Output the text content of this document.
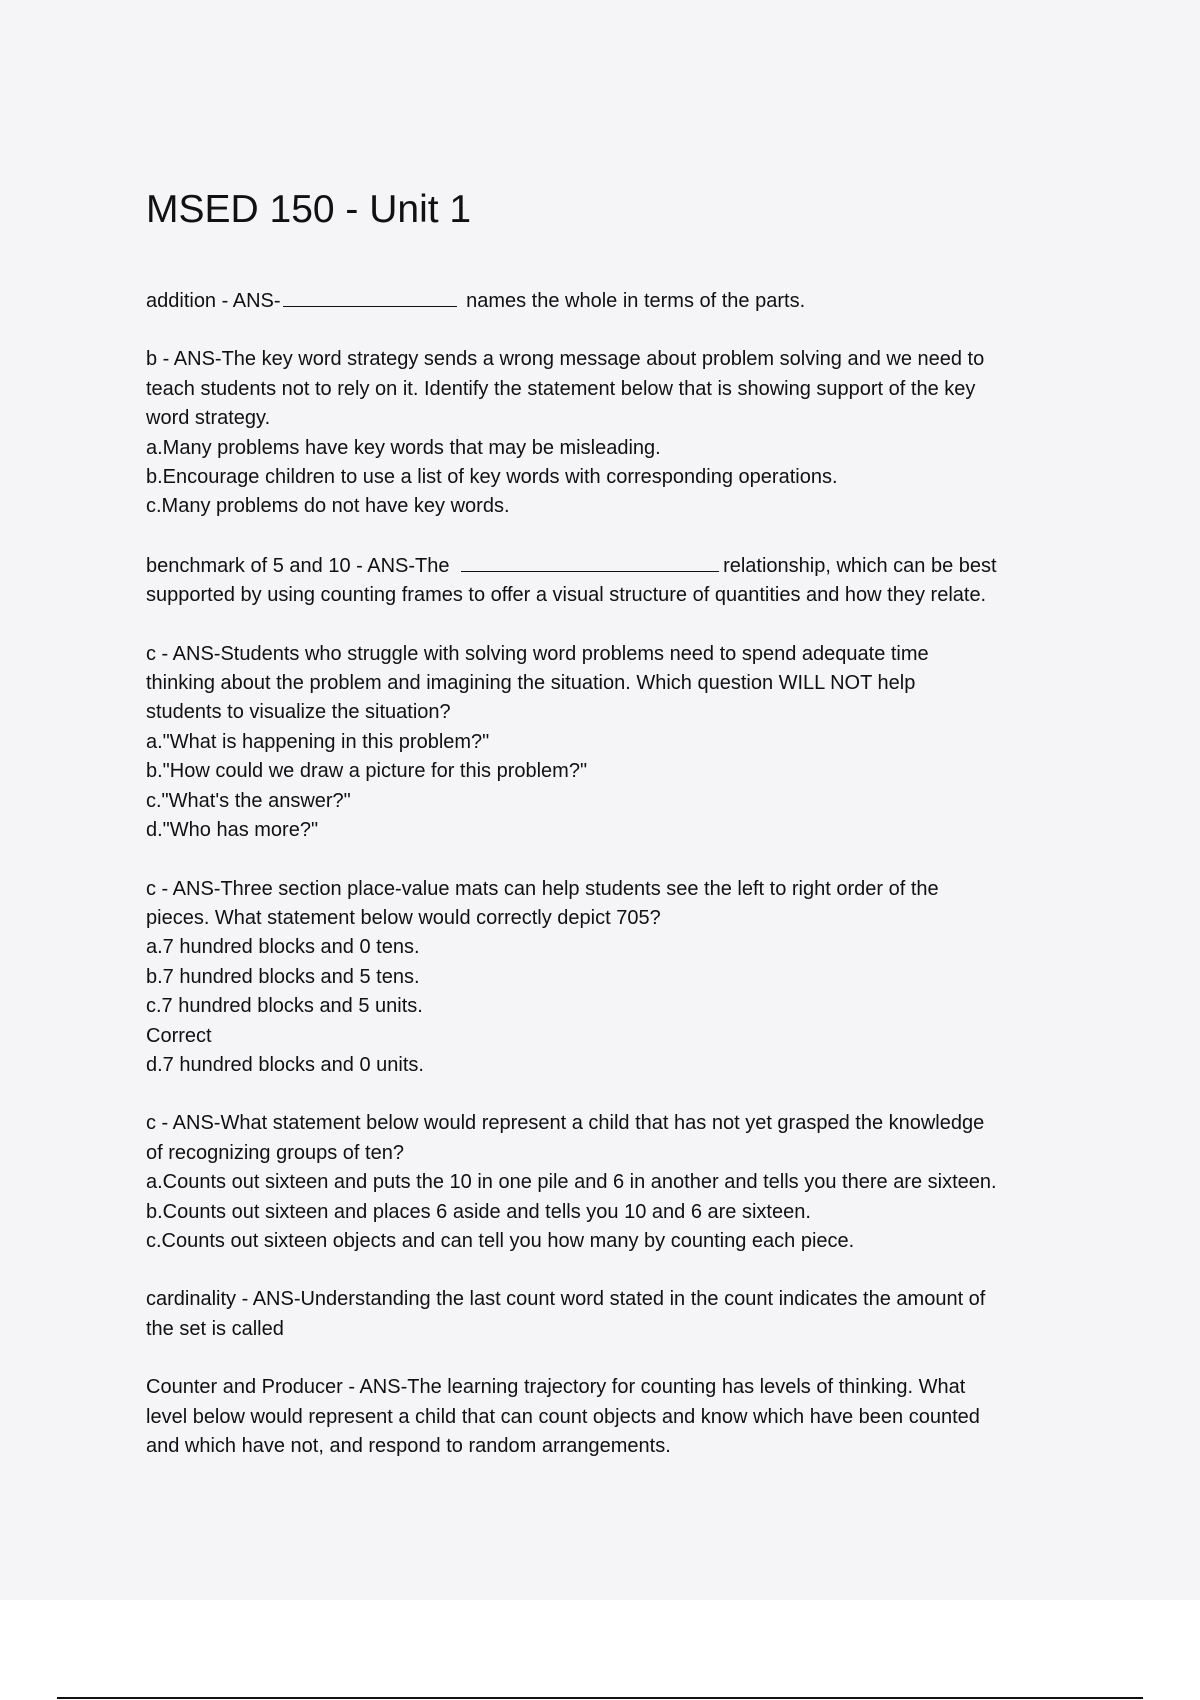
MSED 150 - Unit 1
addition - ANS-	names the whole in terms of the parts.
b - ANS-The key word strategy sends a wrong message about problem solving and we need to
teach students not to rely on it. Identify the statement below that is showing support of the key
word strategy.
a.Many problems have key words that may be misleading.
b.Encourage children to use a list of key words with corresponding operations.
c.Many problems do not have key words.
benchmark of 5 and 10 - ANS-The	relationship, which can be best
supported by using counting frames to offer a visual structure of quantities and how they relate.
c - ANS-Students who struggle with solving word problems need to spend adequate time
thinking about the problem and imagining the situation. Which question WILL NOT help
students to visualize the situation?
a."What is happening in this problem?"
b."How could we draw a picture for this problem?"
c."What's the answer?"
d."Who has more?"
c - ANS-Three section place-value mats can help students see the left to right order of the
pieces. What statement below would correctly depict 705?
a.7 hundred blocks and 0 tens.
b.7 hundred blocks and 5 tens.
c.7 hundred blocks and 5 units.
Correct
d.7 hundred blocks and 0 units.
c - ANS-What statement below would represent a child that has not yet grasped the knowledge
of recognizing groups of ten?
a.Counts out sixteen and puts the 10 in one pile and 6 in another and tells you there are sixteen.
b.Counts out sixteen and places 6 aside and tells you 10 and 6 are sixteen.
c.Counts out sixteen objects and can tell you how many by counting each piece.
cardinality - ANS-Understanding the last count word stated in the count indicates the amount of
the set is called
Counter and Producer - ANS-The learning trajectory for counting has levels of thinking. What
level below would represent a child that can count objects and know which have been counted
and which have not, and respond to random arrangements.
